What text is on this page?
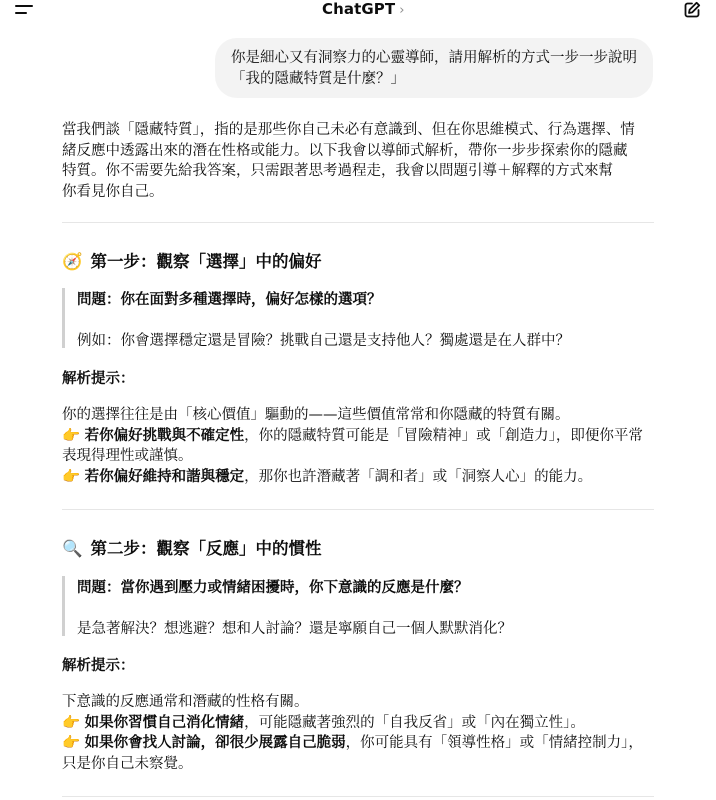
ChatGPT ›
你是細心又有洞察力的心靈導師，請用解析的方式一步一步說明
「我的隱藏特質是什麼？」
當我們談「隱藏特質」，指的是那些你自己未必有意識到、但在你思維模式、行為選擇、情
緒反應中透露出來的潛在性格或能力。以下我會以導師式解析，帶你一步步探索你的隱藏
特質。你不需要先給我答案，只需跟著思考過程走，我會以問題引導＋解釋的方式來幫
你看見你自己。
🧭 第一步：觀察「選擇」中的偏好
問題：你在面對多種選擇時，偏好怎樣的選項？
例如：你會選擇穩定還是冒險？挑戰自己還是支持他人？獨處還是在人群中？
解析提示：
你的選擇往往是由「核心價值」驅動的——這些價值常常和你隱藏的特質有關。
👉 若你偏好挑戰與不確定性，你的隱藏特質可能是「冒險精神」或「創造力」，即便你平常
表現得理性或謹慎。
👉 若你偏好維持和諧與穩定，那你也許潛藏著「調和者」或「洞察人心」的能力。
🔍 第二步：觀察「反應」中的慣性
問題：當你遇到壓力或情緒困擾時，你下意識的反應是什麼？
是急著解決？想逃避？想和人討論？還是寧願自己一個人默默消化？
解析提示：
下意識的反應通常和潛藏的性格有關。
👉 如果你習慣自己消化情緒，可能隱藏著強烈的「自我反省」或「內在獨立性」。
👉 如果你會找人討論，卻很少展露自己脆弱，你可能具有「領導性格」或「情緒控制力」，
只是你自己未察覺。
